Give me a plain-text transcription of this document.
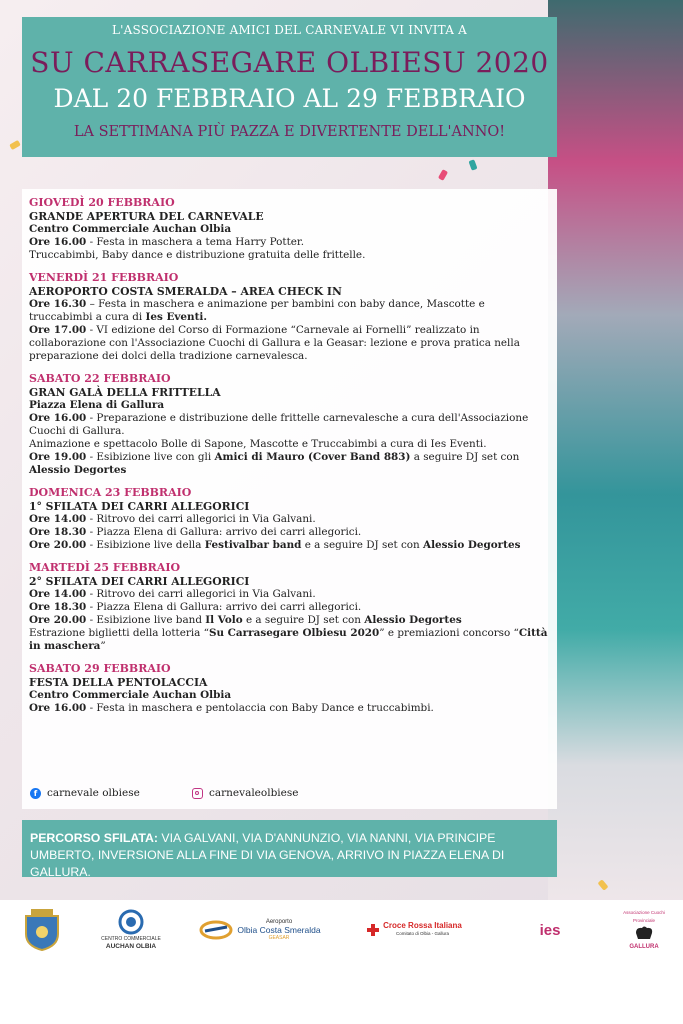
L'ASSOCIAZIONE AMICI DEL CARNEVALE VI INVITA A
SU CARRASEGARE OLBIESU 2020
DAL 20 FEBBRAIO AL 29 FEBBRAIO
LA SETTIMANA PIÙ PAZZA E DIVERTENTE DELL'ANNO!
GIOVEDÌ 20 FEBBRAIO
GRANDE APERTURA DEL CARNEVALE
Centro Commerciale Auchan Olbia
Ore 16.00 - Festa in maschera a tema Harry Potter.
Truccabimbi, Baby dance e distribuzione gratuita delle frittelle.
VENERDÌ 21 FEBBRAIO
AEROPORTO COSTA SMERALDA – AREA CHECK IN
Ore 16.30 – Festa in maschera e animazione per bambini con baby dance, Mascotte e truccabimbi a cura di Ies Eventi.
Ore 17.00 - VI edizione del Corso di Formazione “Carnevale ai Fornelli” realizzato in collaborazione con l'Associazione Cuochi di Gallura e la Geasar: lezione e prova pratica nella preparazione dei dolci della tradizione carnevalesca.
SABATO 22 FEBBRAIO
GRAN GALÀ DELLA FRITTELLA
Piazza Elena di Gallura
Ore 16.00 - Preparazione e distribuzione delle frittelle carnevalesche a cura dell'Associazione Cuochi di Gallura.
Animazione e spettacolo Bolle di Sapone, Mascotte e Truccabimbi a cura di Ies Eventi.
Ore 19.00 - Esibizione live con gli Amici di Mauro (Cover Band 883) a seguire DJ set con
Alessio Degortes
DOMENICA 23 FEBBRAIO
1° SFILATA DEI CARRI ALLEGORICI
Ore 14.00 - Ritrovo dei carri allegorici in Via Galvani.
Ore 18.30 - Piazza Elena di Gallura: arrivo dei carri allegorici.
Ore 20.00 - Esibizione live della Festivalbar band e a seguire DJ set con Alessio Degortes
MARTEDÌ 25 FEBBRAIO
2° SFILATA DEI CARRI ALLEGORICI
Ore 14.00 - Ritrovo dei carri allegorici in Via Galvani.
Ore 18.30 - Piazza Elena di Gallura: arrivo dei carri allegorici.
Ore 20.00 - Esibizione live band Il Volo e a seguire DJ set con Alessio Degortes
Estrazione biglietti della lotteria “Su Carrasegare Olbiesu 2020” e premiazioni concorso “Città in maschera”
SABATO 29 FEBBRAIO
FESTA DELLA PENTOLACCIA
Centro Commerciale Auchan Olbia
Ore 16.00 - Festa in maschera e pentolaccia con Baby Dance e truccabimbi.
f carnevale olbiese	carnevaleolbiese
PERCORSO SFILATA: VIA GALVANI, VIA D'ANNUNZIO, VIA NANNI, VIA PRINCIPE UMBERTO, INVERSIONE ALLA FINE DI VIA GENOVA, ARRIVO IN PIAZZA ELENA DI GALLURA.
CENTRO COMMERCIALE
AUCHAN OLBIA
Aeroporto
Olbia Costa Smeralda
GEASAR
Croce Rossa Italiana
Comitato di Olbia - Gallura	ies
Associazione Cuochi Provinciale
GALLURA
